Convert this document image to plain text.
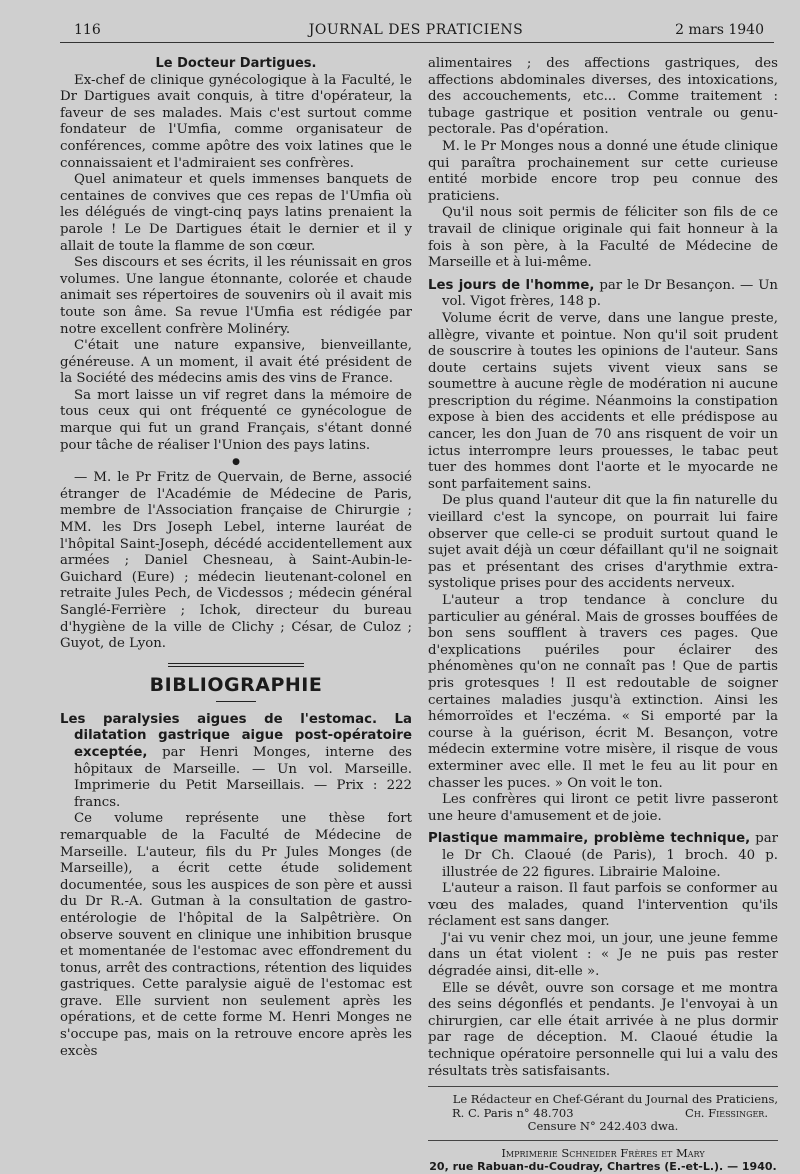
116	JOURNAL DES PRATICIENS	2 mars 1940

Le Docteur Dartigues.

Ex-chef de clinique gynécologique à la Faculté, le Dr Dartigues avait conquis, à titre d'opérateur, la faveur de ses malades. Mais c'est surtout comme fondateur de l'Umfia, comme organisateur de conférences, comme apôtre des voix latines que le connaissaient et l'admiraient ses confrères.

Quel animateur et quels immenses banquets de centaines de convives que ces repas de l'Umfia où les délégués de vingt-cinq pays latins prenaient la parole ! Le De Dartigues était le dernier et il y allait de toute la flamme de son cœur.

Ses discours et ses écrits, il les réunissait en gros volumes. Une langue étonnante, colorée et chaude animait ses répertoires de souvenirs où il avait mis toute son âme. Sa revue l'Umfia est rédigée par notre excellent confrère Molinéry.

C'était une nature expansive, bienveillante, généreuse. A un moment, il avait été président de la Société des médecins amis des vins de France.

Sa mort laisse un vif regret dans la mémoire de tous ceux qui ont fréquenté ce gynécologue de marque qui fut un grand Français, s'étant donné pour tâche de réaliser l'Union des pays latins.

●

— M. le Pr Fritz de Quervain, de Berne, associé étranger de l'Académie de Médecine de Paris, membre de l'Association française de Chirurgie ; MM. les Drs Joseph Lebel, interne lauréat de l'hôpital Saint-Joseph, décédé accidentellement aux armées ; Daniel Chesneau, à Saint-Aubin-le-Guichard (Eure) ; médecin lieutenant-colonel en retraite Jules Pech, de Vicdessos ; médecin général Sanglé-Ferrière ; Ichok, directeur du bureau d'hygiène de la ville de Clichy ; César, de Culoz ; Guyot, de Lyon.

BIBLIOGRAPHIE

Les paralysies aigues de l'estomac. La dilatation gastrique aigue post-opératoire exceptée, par Henri Monges, interne des hôpitaux de Marseille. — Un vol. Marseille. Imprimerie du Petit Marseillais. — Prix : 222 francs.

Ce volume représente une thèse fort remarquable de la Faculté de Médecine de Marseille. L'auteur, fils du Pr Jules Monges (de Marseille), a écrit cette étude solidement documentée, sous les auspices de son père et aussi du Dr R.-A. Gutman à la consultation de gastro-entérologie de l'hôpital de la Salpêtrière. On observe souvent en clinique une inhibition brusque et momentanée de l'estomac avec effondrement du tonus, arrêt des contractions, rétention des liquides gastriques. Cette paralysie aiguë de l'estomac est grave. Elle survient non seulement après les opérations, et de cette forme M. Henri Monges ne s'occupe pas, mais on la retrouve encore après les excès

alimentaires ; des affections gastriques, des affections abdominales diverses, des intoxications, des accouchements, etc... Comme traitement : tubage gastrique et position ventrale ou genu-pectorale. Pas d'opération.

M. le Pr Monges nous a donné une étude clinique qui paraîtra prochainement sur cette curieuse entité morbide encore trop peu connue des praticiens.

Qu'il nous soit permis de féliciter son fils de ce travail de clinique originale qui fait honneur à la fois à son père, à la Faculté de Médecine de Marseille et à lui-même.

Les jours de l'homme, par le Dr Besançon. — Un vol. Vigot frères, 148 p.

Volume écrit de verve, dans une langue preste, allègre, vivante et pointue. Non qu'il soit prudent de souscrire à toutes les opinions de l'auteur. Sans doute certains sujets vivent vieux sans se soumettre à aucune règle de modération ni aucune prescription du régime. Néanmoins la constipation expose à bien des accidents et elle prédispose au cancer, les don Juan de 70 ans risquent de voir un ictus interrompre leurs prouesses, le tabac peut tuer des hommes dont l'aorte et le myocarde ne sont parfaitement sains.

De plus quand l'auteur dit que la fin naturelle du vieillard c'est la syncope, on pourrait lui faire observer que celle-ci se produit surtout quand le sujet avait déjà un cœur défaillant qu'il ne soignait pas et présentant des crises d'arythmie extra-systolique prises pour des accidents nerveux.

L'auteur a trop tendance à conclure du particulier au général. Mais de grosses bouffées de bon sens soufflent à travers ces pages. Que d'explications puériles pour éclairer des phénomènes qu'on ne connaît pas ! Que de partis pris grotesques ! Il est redoutable de soigner certaines maladies jusqu'à extinction. Ainsi les hémorroïdes et l'eczéma. « Si emporté par la course à la guérison, écrit M. Besançon, votre médecin extermine votre misère, il risque de vous exterminer avec elle. Il met le feu au lit pour en chasser les puces. » On voit le ton.

Les confrères qui liront ce petit livre passeront une heure d'amusement et de joie.

Plastique mammaire, problème technique, par le Dr Ch. Claoué (de Paris), 1 broch. 40 p. illustrée de 22 figures. Librairie Maloine.

L'auteur a raison. Il faut parfois se conformer au vœu des malades, quand l'intervention qu'ils réclament est sans danger.

J'ai vu venir chez moi, un jour, une jeune femme dans un état violent : « Je ne puis pas rester dégradée ainsi, dit-elle ».

Elle se dévêt, ouvre son corsage et me montra des seins dégonflés et pendants. Je l'envoyai à un chirurgien, car elle était arrivée à ne plus dormir par rage de déception. M. Claoué étudie la technique opératoire personnelle qui lui a valu des résultats très satisfaisants.

Le Rédacteur en Chef-Gérant du Journal des Praticiens,
R. C. Paris n° 48.703	Ch. Fiessinger.
Censure N° 242.403 dwa.
Imprimerie Schneider Frères et Mary
20, rue Rabuan-du-Coudray, Chartres (E.-et-L.). — 1940.
